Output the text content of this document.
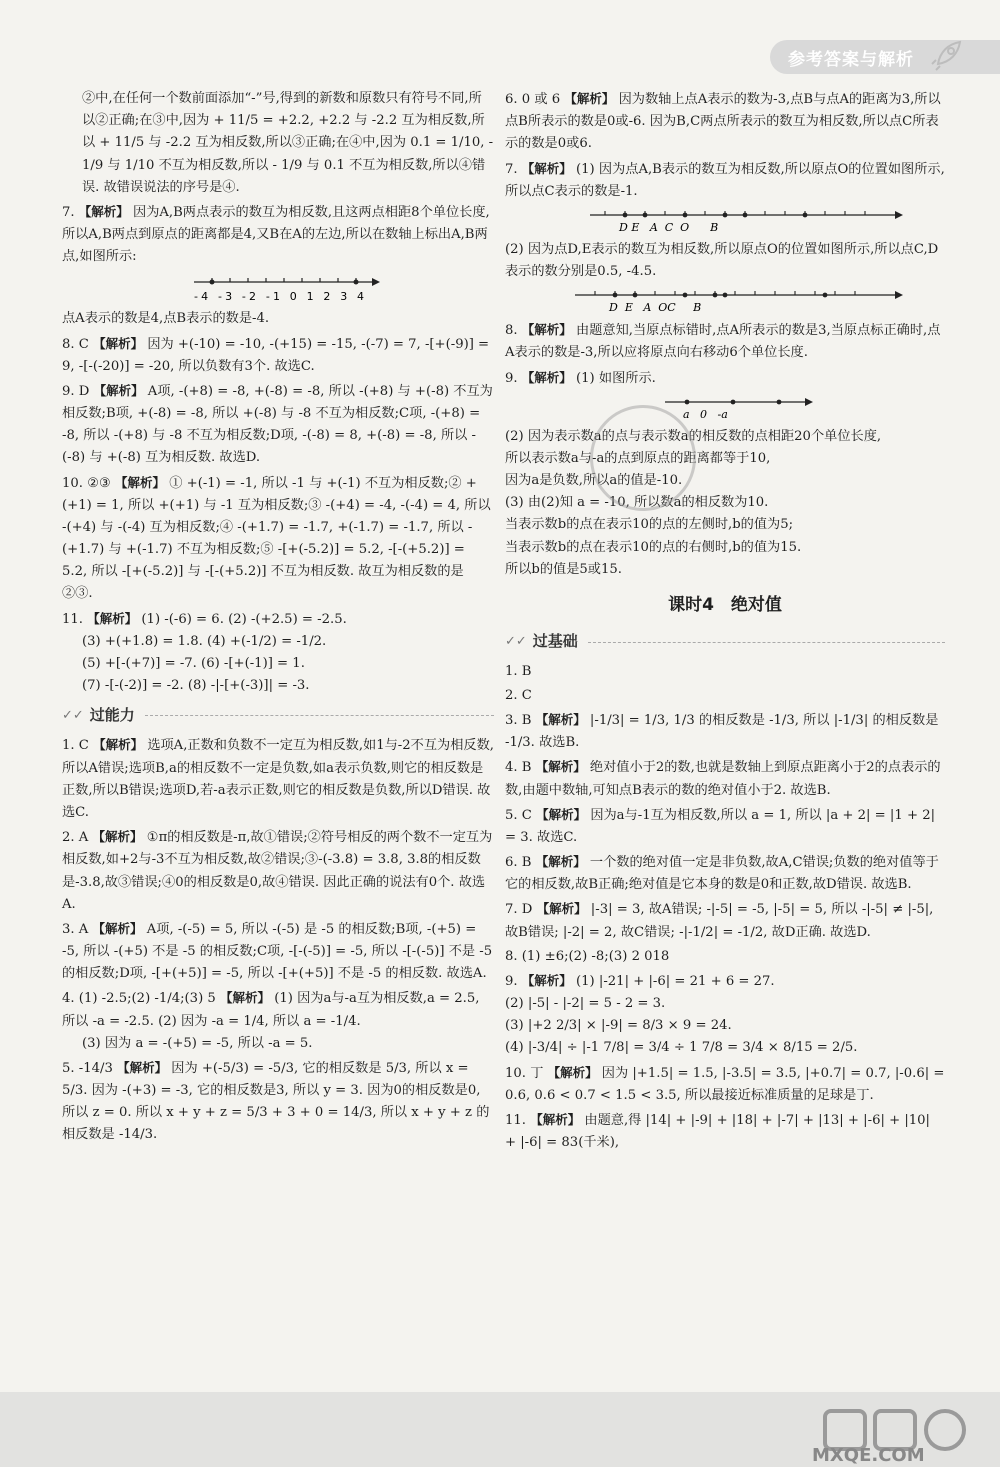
参考答案与解析

②中,在任何一个数前面添加“-”号,得到的新数和原数只有符号不同,所以②正确;在③中,因为 + 11/5 = +2.2, +2.2 与 -2.2 互为相反数,所以 + 11/5 与 -2.2 互为相反数,所以③正确;在④中,因为 0.1 = 1/10, - 1/9 与 1/10 不互为相反数,所以 - 1/9 与 0.1 不互为相反数,所以④错误. 故错误说法的序号是④.

7. 【解析】 因为A,B两点表示的数互为相反数,且这两点相距8个单位长度,所以A,B两点到原点的距离都是4,又B在A的左边,所以在数轴上标出A,B两点,如图所示:

-4 -3 -2 -1 0 1 2 3 4

点A表示的数是4,点B表示的数是-4.

8. C 【解析】 因为 +(-10) = -10, -(+15) = -15, -(-7) = 7, -[+(-9)] = 9, -[-(-20)] = -20, 所以负数有3个. 故选C.

9. D 【解析】 A项, -(+8) = -8, +(-8) = -8, 所以 -(+8) 与 +(-8) 不互为相反数;B项, +(-8) = -8, 所以 +(-8) 与 -8 不互为相反数;C项, -(+8) = -8, 所以 -(+8) 与 -8 不互为相反数;D项, -(-8) = 8, +(-8) = -8, 所以 -(-8) 与 +(-8) 互为相反数. 故选D.

10. ②③ 【解析】 ① +(-1) = -1, 所以 -1 与 +(-1) 不互为相反数;② +(+1) = 1, 所以 +(+1) 与 -1 互为相反数;③ -(+4) = -4, -(-4) = 4, 所以 -(+4) 与 -(-4) 互为相反数;④ -(+1.7) = -1.7, +(-1.7) = -1.7, 所以 -(+1.7) 与 +(-1.7) 不互为相反数;⑤ -[+(-5.2)] = 5.2, -[-(+5.2)] = 5.2, 所以 -[+(-5.2)] 与 -[-(+5.2)] 不互为相反数. 故互为相反数的是②③.

11. 【解析】 (1) -(-6) = 6. (2) -(+2.5) = -2.5.
(3) +(+1.8) = 1.8. (4) +(-1/2) = -1/2.
(5) +[-(+7)] = -7. (6) -[+(-1)] = 1.
(7) -[-(-2)] = -2. (8) -|-[+(-3)]| = -3.
✓✓ 过能力

1. C 【解析】 选项A,正数和负数不一定互为相反数,如1与-2不互为相反数,所以A错误;选项B,a的相反数不一定是负数,如a表示负数,则它的相反数是正数,所以B错误;选项D,若-a表示正数,则它的相反数是负数,所以D错误. 故选C.

2. A 【解析】 ①π的相反数是-π,故①错误;②符号相反的两个数不一定互为相反数,如+2与-3不互为相反数,故②错误;③-(-3.8) = 3.8, 3.8的相反数是-3.8,故③错误;④0的相反数是0,故④错误. 因此正确的说法有0个. 故选A.

3. A 【解析】 A项, -(-5) = 5, 所以 -(-5) 是 -5 的相反数;B项, -(+5) = -5, 所以 -(+5) 不是 -5 的相反数;C项, -[-(-5)] = -5, 所以 -[-(-5)] 不是 -5 的相反数;D项, -[+(+5)] = -5, 所以 -[+(+5)] 不是 -5 的相反数. 故选A.

4. (1) -2.5;(2) -1/4;(3) 5 【解析】 (1) 因为a与-a互为相反数,a = 2.5, 所以 -a = -2.5. (2) 因为 -a = 1/4, 所以 a = -1/4.
(3) 因为 a = -(+5) = -5, 所以 -a = 5.

5. -14/3 【解析】 因为 +(-5/3) = -5/3, 它的相反数是 5/3, 所以 x = 5/3. 因为 -(+3) = -3, 它的相反数是3, 所以 y = 3. 因为0的相反数是0, 所以 z = 0. 所以 x + y + z = 5/3 + 3 + 0 = 14/3, 所以 x + y + z 的相反数是 -14/3.

6. 0 或 6 【解析】 因为数轴上点A表示的数为-3,点B与点A的距离为3,所以点B所表示的数是0或-6. 因为B,C两点所表示的数互为相反数,所以点C所表示的数是0或6.

7. 【解析】 (1) 因为点A,B表示的数互为相反数,所以原点O的位置如图所示,所以点C表示的数是-1.
D E   A  C  O      B
(2) 因为点D,E表示的数互为相反数,所以原点O的位置如图所示,所以点C,D表示的数分别是0.5, -4.5.
D  E   A  OC     B

8. 【解析】 由题意知,当原点标错时,点A所表示的数是3,当原点标正确时,点A表示的数是-3,所以应将原点向右移动6个单位长度.

9. 【解析】 (1) 如图所示.
a   0   -a
(2) 因为表示数a的点与表示数a的相反数的点相距20个单位长度,
所以表示数a与-a的点到原点的距离都等于10,
因为a是负数,所以a的值是-10.
(3) 由(2)知 a = -10, 所以数a的相反数为10.
当表示数b的点在表示10的点的左侧时,b的值为5;
当表示数b的点在表示10的点的右侧时,b的值为15.
所以b的值是5或15.
课时4　绝对值
✓✓ 过基础
1. B
2. C

3. B 【解析】 |-1/3| = 1/3, 1/3 的相反数是 -1/3, 所以 |-1/3| 的相反数是 -1/3. 故选B.

4. B 【解析】 绝对值小于2的数,也就是数轴上到原点距离小于2的点表示的数,由题中数轴,可知点B表示的数的绝对值小于2. 故选B.

5. C 【解析】 因为a与-1互为相反数,所以 a = 1, 所以 |a + 2| = |1 + 2| = 3. 故选C.

6. B 【解析】 一个数的绝对值一定是非负数,故A,C错误;负数的绝对值等于它的相反数,故B正确;绝对值是它本身的数是0和正数,故D错误. 故选B.

7. D 【解析】 |-3| = 3, 故A错误; -|-5| = -5, |-5| = 5, 所以 -|-5| ≠ |-5|, 故B错误; |-2| = 2, 故C错误; -|-1/2| = -1/2, 故D正确. 故选D.

8. (1) ±6;(2) -8;(3) 2 018
9. 【解析】 (1) |-21| + |-6| = 21 + 6 = 27.
(2) |-5| - |-2| = 5 - 2 = 3.
(3) |+2 2/3| × |-9| = 8/3 × 9 = 24.
(4) |-3/4| ÷ |-1 7/8| = 3/4 ÷ 1 7/8 = 3/4 × 8/15 = 2/5.

10. 丁 【解析】 因为 |+1.5| = 1.5, |-3.5| = 3.5, |+0.7| = 0.7, |-0.6| = 0.6, 0.6 < 0.7 < 1.5 < 3.5, 所以最接近标准质量的足球是丁.

11. 【解析】 由题意,得 |14| + |-9| + |18| + |-7| + |13| + |-6| + |10| + |-6| = 83(千米),

MXQE.COM
